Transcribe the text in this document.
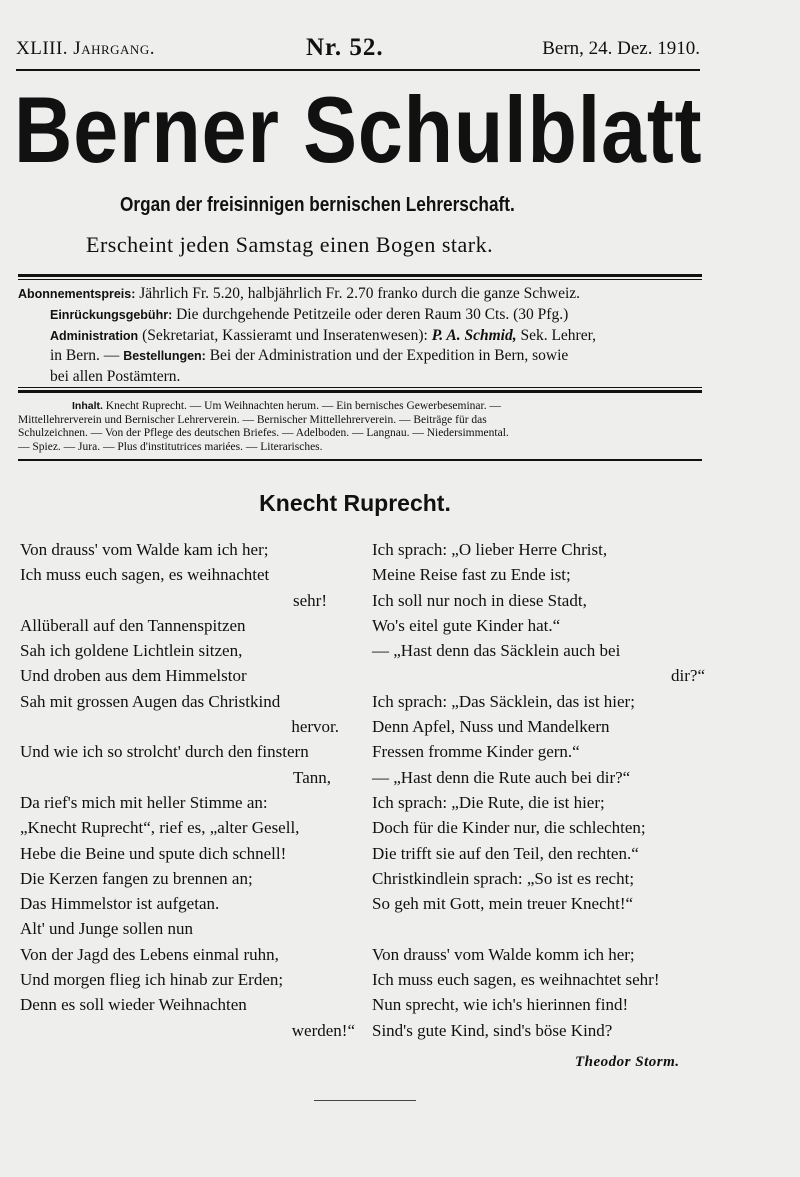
XLIII. Jahrgang.	Nr. 52.	Bern, 24. Dez. 1910.
Berner Schulblatt
Organ der freisinnigen bernischen Lehrerschaft.
Erscheint jeden Samstag einen Bogen stark.
Abonnementspreis: Jährlich Fr. 5.20, halbjährlich Fr. 2.70 franko durch die ganze Schweiz.
Einrückungsgebühr: Die durchgehende Petitzeile oder deren Raum 30 Cts. (30 Pfg.)
Administration (Sekretariat, Kassieramt und Inseratenwesen): P. A. Schmid, Sek. Lehrer,
in Bern. — Bestellungen: Bei der Administration und der Expedition in Bern, sowie
bei allen Postämtern.
Inhalt. Knecht Ruprecht. — Um Weihnachten herum. — Ein bernisches Gewerbeseminar. —
Mittellehrerverein und Bernischer Lehrerverein. — Bernischer Mittellehrerverein. — Beiträge für das
Schulzeichnen. — Von der Pflege des deutschen Briefes. — Adelboden. — Langnau. — Niedersimmental.
— Spiez. — Jura. — Plus d'institutrices mariées. — Literarisches.
Knecht Ruprecht.
Von drauss' vom Walde kam ich her;
Ich muss euch sagen, es weihnachtet
sehr!
Allüberall auf den Tannenspitzen
Sah ich goldene Lichtlein sitzen,
Und droben aus dem Himmelstor
Sah mit grossen Augen das Christkind
hervor.
Und wie ich so strolcht' durch den finstern
Tann,
Da rief's mich mit heller Stimme an:
„Knecht Ruprecht“, rief es, „alter Gesell,
Hebe die Beine und spute dich schnell!
Die Kerzen fangen zu brennen an;
Das Himmelstor ist aufgetan.
Alt' und Junge sollen nun
Von der Jagd des Lebens einmal ruhn,
Und morgen flieg ich hinab zur Erden;
Denn es soll wieder Weihnachten
werden!“
Ich sprach: „O lieber Herre Christ,
Meine Reise fast zu Ende ist;
Ich soll nur noch in diese Stadt,
Wo's eitel gute Kinder hat.“
— „Hast denn das Säcklein auch bei
dir?“
Ich sprach: „Das Säcklein, das ist hier;
Denn Apfel, Nuss und Mandelkern
Fressen fromme Kinder gern.“
— „Hast denn die Rute auch bei dir?“
Ich sprach: „Die Rute, die ist hier;
Doch für die Kinder nur, die schlechten;
Die trifft sie auf den Teil, den rechten.“
Christkindlein sprach: „So ist es recht;
So geh mit Gott, mein treuer Knecht!“
Von drauss' vom Walde komm ich her;
Ich muss euch sagen, es weihnachtet sehr!
Nun sprecht, wie ich's hierinnen find!
Sind's gute Kind, sind's böse Kind?
Theodor Storm.
